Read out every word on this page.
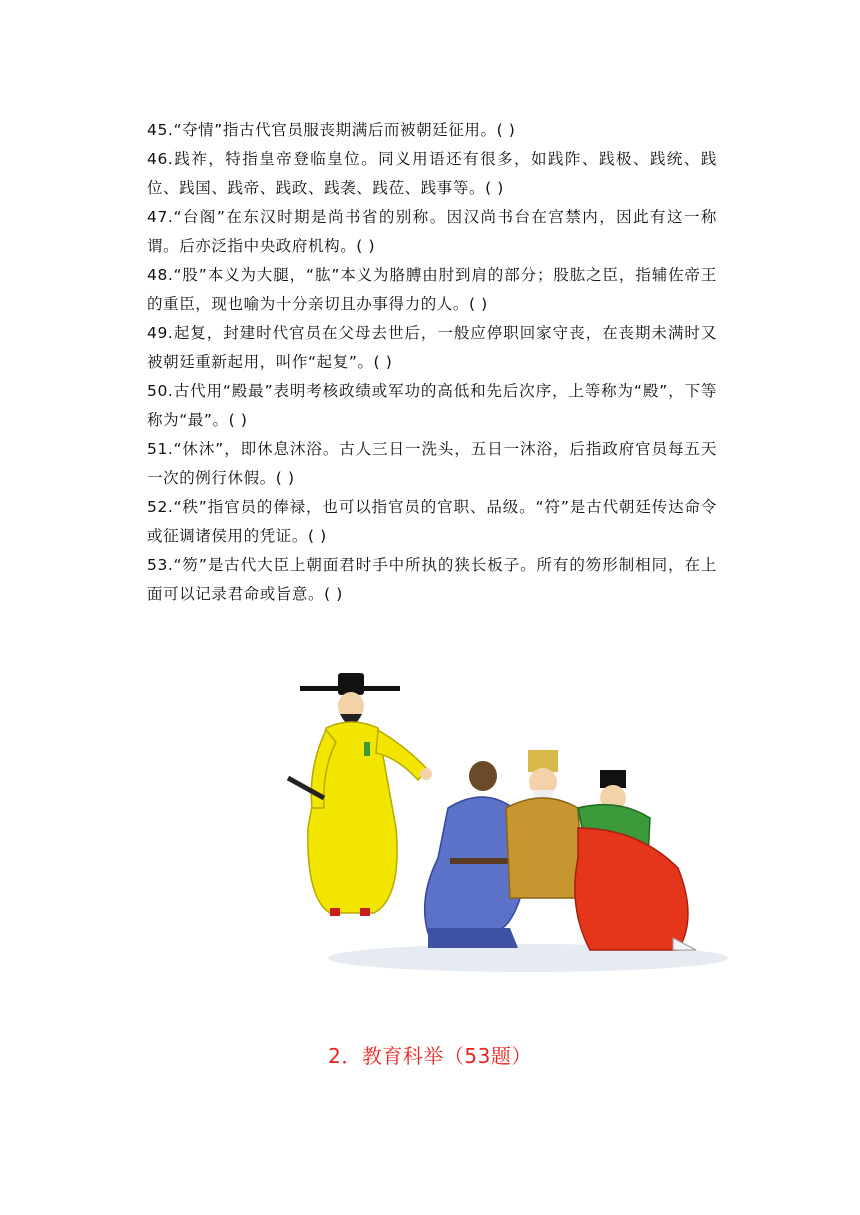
45.“夺情”指古代官员服丧期满后而被朝廷征用。( )

46.践祚，特指皇帝登临皇位。同义用语还有很多，如践阼、践极、践统、践位、践国、践帝、践政、践袭、践莅、践事等。( )

47.“台阁”在东汉时期是尚书省的别称。因汉尚书台在宫禁内，因此有这一称谓。后亦泛指中央政府机构。( )

48.“股”本义为大腿，“肱”本义为胳膊由肘到肩的部分；股肱之臣，指辅佐帝王的重臣，现也喻为十分亲切且办事得力的人。( )

49.起复，封建时代官员在父母去世后，一般应停职回家守丧，在丧期未满时又被朝廷重新起用，叫作“起复”。( )

50.古代用“殿最”表明考核政绩或军功的高低和先后次序，上等称为“殿”，下等称为“最”。( )

51.“休沐”，即休息沐浴。古人三日一洗头，五日一沐浴，后指政府官员每五天一次的例行休假。( )

52.“秩”指官员的俸禄，也可以指官员的官职、品级。“符”是古代朝廷传达命令或征调诸侯用的凭证。( )

53.“笏”是古代大臣上朝面君时手中所执的狭长板子。所有的笏形制相同，在上面可以记录君命或旨意。( )

2．教育科举（53题）
